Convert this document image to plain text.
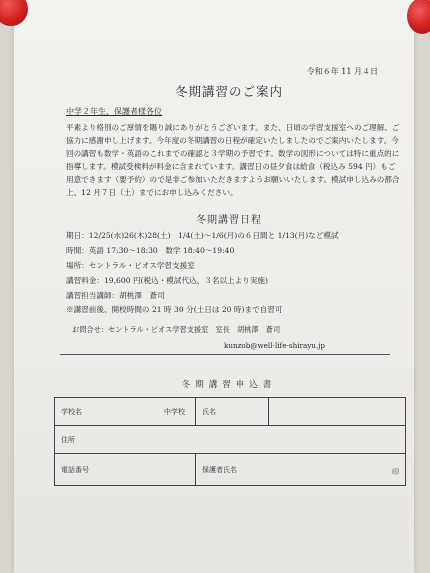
令和６年 11 月４日
冬期講習のご案内
中学２年生、保護者様各位

平素より格別のご厚情を賜り誠にありがとうございます。また、日頃の学習支援室へのご理解、ご協力に感謝申し上げます。今年度の冬期講習の日程が確定いたしましたのでご案内いたします。今回の講習も数学・英語のこれまでの確認と３学期の予習です。数学の図形については特に重点的に指導します。模試受検料が料金に含まれています。講習日の昼夕食は給食（税込み 594 円）もご用意できます（要予約）ので是非ご参加いただきますようお願いいたします。模試申し込みの都合上、12 月７日（土）までにお申し込みください。

冬期講習日程
期日：12/25(水)26(木)28(土)　1/4(土)～1/6(月)の６日間と 1/13(月)など模試
時間：英語 17:30～18:30　数学 18:40～19:40
場所：セントラル・ビオス学習支援室
講習料金：19,600 円(税込・模試代込、３名以上より実施)
講習担当講師：胡桃澤　蒼司
※講習前後、開校時間の 21 時 30 分(土日は 20 時)まで自習可
お問合せ：セントラル・ビオス学習支援室　室長　胡桃澤　蒼司
kunzob@well-life-shirayu.jp
冬期講習申込書
学校名 中学校	氏名	
住所		
電話番号	保護者氏名 印	
